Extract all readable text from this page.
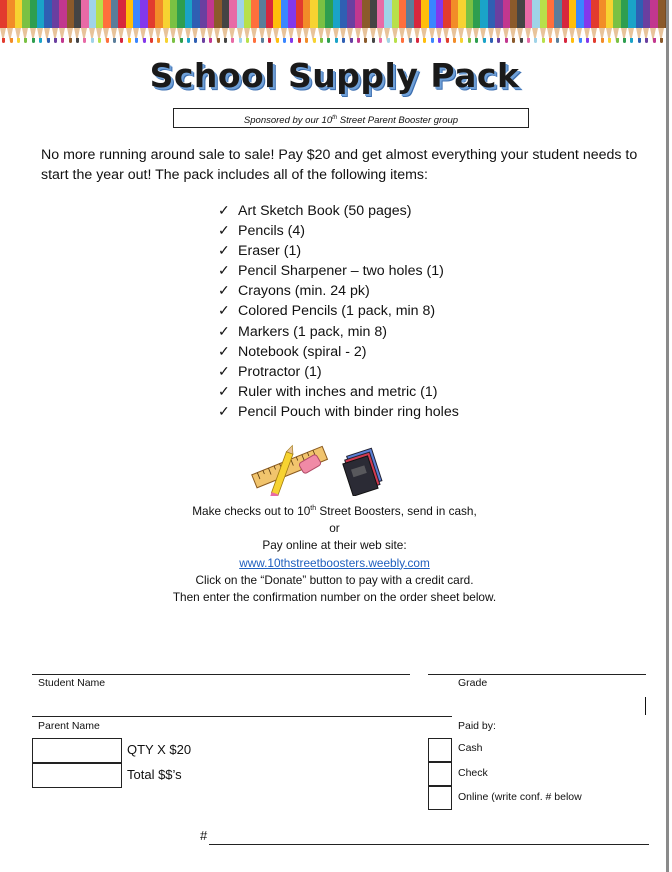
School Supply Pack
Sponsored by our 10th Street Parent Booster group
No more running around sale to sale! Pay $20 and get almost everything your student needs to start the year out! The pack includes all of the following items:
✓ Art Sketch Book (50 pages)
✓ Pencils (4)
✓ Eraser (1)
✓ Pencil Sharpener – two holes (1)
✓ Crayons (min. 24 pk)
✓ Colored Pencils (1 pack, min 8)
✓ Markers (1 pack, min 8)
✓ Notebook (spiral - 2)
✓ Protractor (1)
✓ Ruler with inches and metric (1)
✓ Pencil Pouch with binder ring holes
Make checks out to 10th Street Boosters, send in cash,
or
Pay online at their web site:
www.10thstreetboosters.weebly.com
Click on the “Donate” button to pay with a credit card.
Then enter the confirmation number on the order sheet below.
Student Name	Grade
Parent Name	Paid by:
QTY X $20
Total $$’s
Cash
Check
Online (write conf. # below
#
